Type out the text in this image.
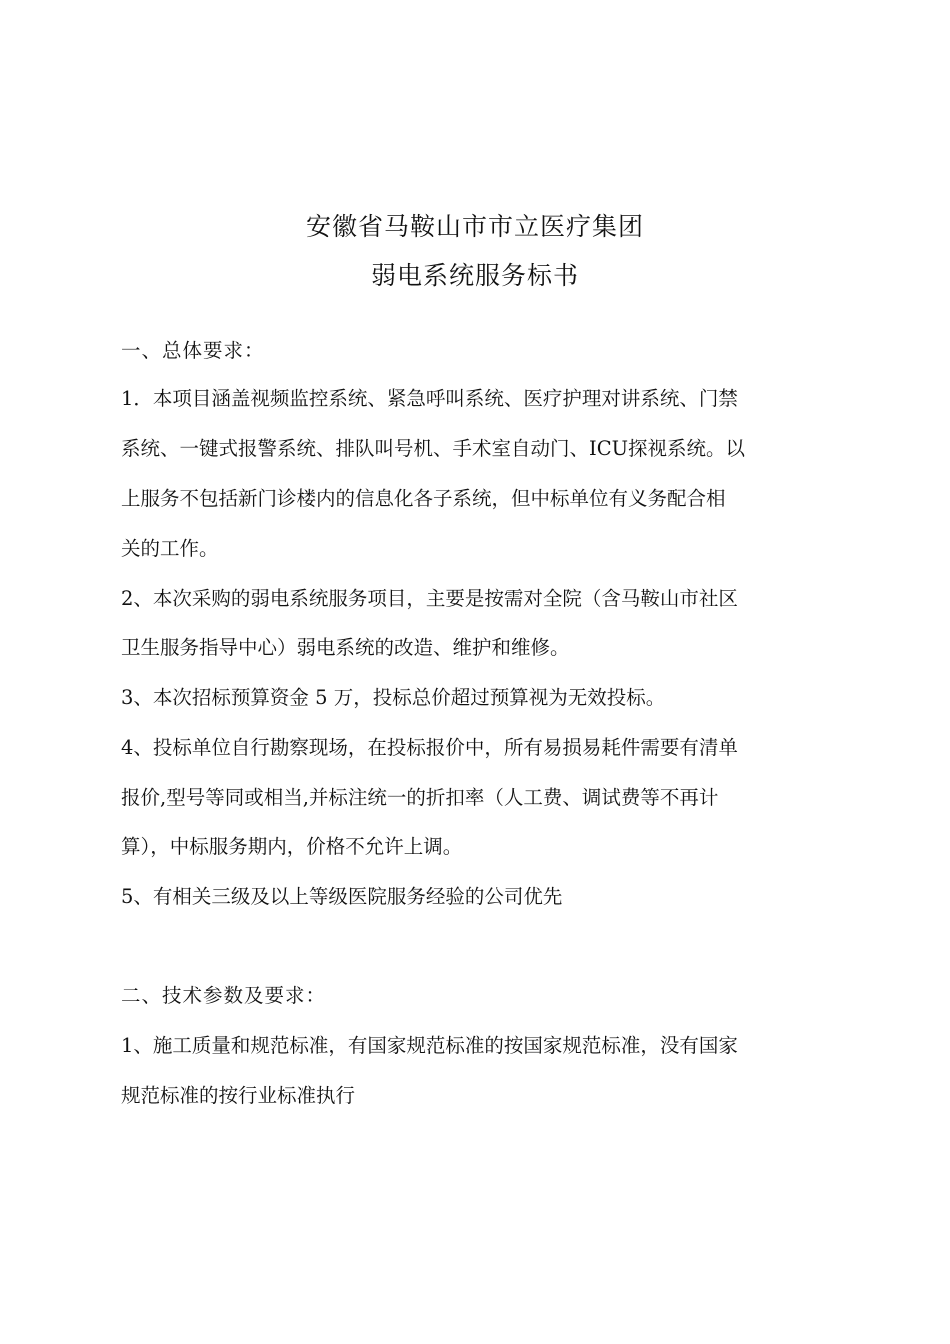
安徽省马鞍山市市立医疗集团
弱电系统服务标书
一、总体要求：
1．本项目涵盖视频监控系统、紧急呼叫系统、医疗护理对讲系统、门禁
系统、一键式报警系统、排队叫号机、手术室自动门、ICU探视系统。以
上服务不包括新门诊楼内的信息化各子系统，但中标单位有义务配合相
关的工作。
2、本次采购的弱电系统服务项目，主要是按需对全院（含马鞍山市社区
卫生服务指导中心）弱电系统的改造、维护和维修。
3、本次招标预算资金 5 万，投标总价超过预算视为无效投标。
4、投标单位自行勘察现场，在投标报价中，所有易损易耗件需要有清单
报价,型号等同或相当,并标注统一的折扣率（人工费、调试费等不再计
算），中标服务期内，价格不允许上调。
5、有相关三级及以上等级医院服务经验的公司优先
二、技术参数及要求：
1、施工质量和规范标准，有国家规范标准的按国家规范标准，没有国家
规范标准的按行业标准执行
